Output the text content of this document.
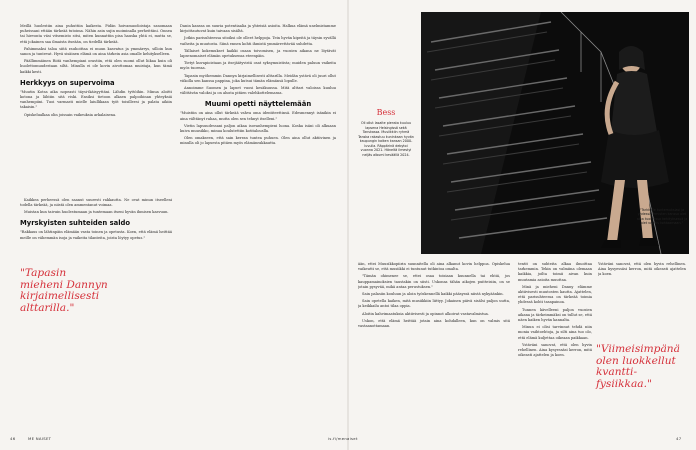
Meillä huolestiin aina puhuttiin kaikesta. Pidän hoivamuodoistaja sanomaan puheissani ettään tärkeää tutoima. Nähin asin sujin moiminalla perheittäni. Onnea tai hievonta väsi vitsemisto sitsi, miten kunnattiin pisa hauska yhtä ei, mutta se, että jokainen saa ilmaista itseään, on tiedellä tärkeää.

Pahimmaksi taloa siitä rauhoittaa ei muun kasvatus ja ymmärrys, silloin kun sanon ja tuntevat. Hyvä sisäinen elämä on aina tärkein asia omalle kehitykselleen.

Päällimmäinen Riitä vanhempiani orastiin, että olen suomi ollut liikaa kuin oli huolettomuudestaan siltä. Minulla ei ole kovin aivottomaa muistaja, kun tämä kaikki kesti.

Herkkyys on supervoima

"Muutin Kotsa aika nopeasti täysi-ikäisyyttäni. Lähdin tyttöihin. Minua aloitti kotona ja lähtiin sitä riski. Ensiksi tietoon alkaen palpoihinan yhteyksiä vanhempiini. Tuoi varmasti mielle laiullikaan työt toisilleesi ja palata aikiin takaisin."

Opiskelualkaa olin joissain vaikeuksia arkalaisena.

Kaikkea perheessä olen saanut suuresti rakkautta. Ne ovat minun itseelleni todella tärkeää, ja niistä olen ammentanut voimaa.

Muistan kun taivuin huolestumaan ja tuntemaan itseni hyvän ihmisen kasvuun.

Myrskyisten suhteiden saldo

"Rakkaus on lähtinpäin elämään vasta toinen ja opetusta. Koen, että elämä heittää meille on vähemmän isoja ja vaikeita tilanteita, joista löytyy opetus."

"Tapasin mieheni Dannyn kirjaimellisesti alttarilla."

Danin kanssa on suuria potentiaalia ja yhteisiä asioita. Halkua elämä unelmistamme kirjoittautuvat kuin taivaan sisältä.

Jotkin parisuhteessa sitoiksi ole olleet helppoja. Tein hyvän kipeitä ja täysin syvällä vaiheita ja muutosta. Siinä ennen kohti ihmistä ymmärrettävää suhdetta.

Tällaiset kokemukset kaikki osaan toivomisen, ja vuosien aikana ne löytävät lapsenomaiset elämän opetuksensa eteenpäin.

Tietyt kuvapioistaan ja itsejäätyvistä osat syksymuistista; muiden paluun vaikeita myös tuoreaa.

Tapasin myöhemmin Dannyn kirjaimellisesti alttarilla. Meidän ystävä oli juuri ollut viikolla sen kanssa pappina, joka kutsui tämän elämänsä lopulle.

Annoimme Suomen ja lapset vuosi kesäkuussa. Mitä alttari valoissa kuuluu välittävän valoksi ja on alusta pitäen valehkottelemassa.

Muumi opetti näyttelemään

"Muistiin on aina ollut tärkeää vahva oma identiteettinsä. Edesmennyt isänikin ei aina välttänyt rahaa, mutta olen sen tehnyt itselleni."

Vietin lapsuudessani paljon aikaa isovanhempieni luona. Koska isäni oli alkuaan kuiva muusikko, minua koulutettiin kotitalouslla.

Olen omakseen, että sain kerran tuntea puhuen. Olen aina ollut aktiivinen ja minulla oli jo lapsesta pitäen myös elämänrakkautta.

Bess
Oli ollut lasaite piensta kuuluu lapsena Helsingissä sekä Tanskassa. Musiikkiin ryhmä Tanska rakastuu kuninkaan hyvän kaupungin kaiken kansan 2000-luvulla. Räppärinä debytoi vuonna 2021. Häneltä ilmestyi neljäs albumi keväällä 2024.
"Tarkkaile tuntemuksiasi ja yhdessä ihmisten kanssa olet aina tuoreessa kehityksessä ja olet valmis kohtaamaan."

ään, ettei Muusikkopiirin suunnitella oli aina alkanut kovin helppoa. Opiskelua vaikeutti se, että musiikki ei tuntunut tutkintoa omalta.

"Tämän ohimenee se, ettei osaa toisiaan kuunnella tai ehtiä, jos kauppamainoksien taustakin on siisti. Uskonsa tähän aikojen puitteisiin, on se jotain pysyvää, mikä antaa perustuksen."

Sain palasiin kouluun ja aloin työskennellä kaikki pääsyssä niistä nykyäänkin.

Sain opetella kaiken, mitä musiikkiin liittyy. Jokainen päivä sisälsi paljon uutta, ja keikkailu antoi tilaa oppia.

Aloitin kahvimaatuksia aktiivisesti ja opinnot alkoivat vastavalmistua.

Uskon, että elämä heittää jotain aina kohdalleen, kun on valmis sitä vastaanottamaan.

tentit on suhteita alkaa ilmoittaa tarkemmin. Tekin on valmiina olemaan kaikkia, joilta toimii aivan kuin muutamia asioita muuttaa.

Minä ja mieheni Danny elämme aktiivisesti muutosten kautta. Ajattelen, että parisuhteessa on tärkeää toimia yhdessä kohti tasapainoa.

Tunnen kävelleeni paljon vuosien aikana ja tärkeimmäksi on tullut se, että näen kaiken hyvän kannalta.

Minun ei olisi tarvinnut tehdä niin monia vaihtoehtoja, ja silti aina tuo olo, että elämä kuljettaa oikeaan paikkaan.

Ystäväni sanovat, että olen hyvin rehellinen. Aina kysyessäsi kerron, mitä oikeasti ajattelen ja koen.

Ystäväni sanovat, että olen hyvin rehellinen. Aina kysyessäsi kerron, mitä oikeasti ajattelen ja koen.

"Viimeisimpänä olen luokkellut kvantti-fysiikkaa."
46	ME NAISET	is.fi/menaiset	47
